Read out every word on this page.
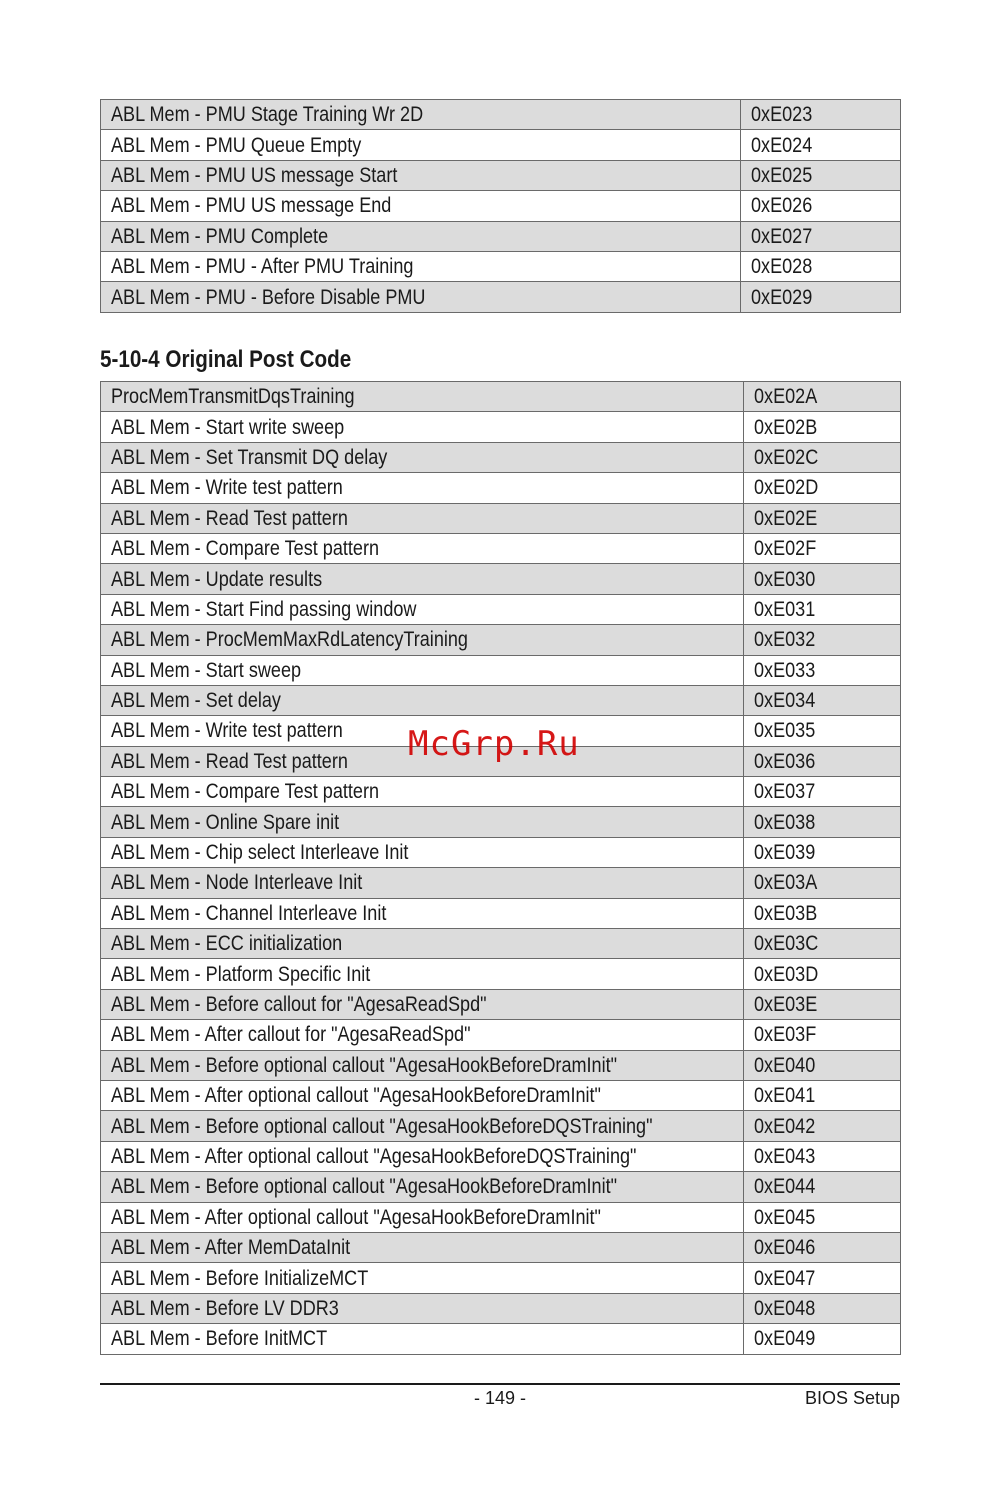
ABL Mem - PMU Stage Training Wr 2D	0xE023
ABL Mem - PMU Queue Empty	0xE024
ABL Mem - PMU US message Start	0xE025
ABL Mem - PMU US message End	0xE026
ABL Mem - PMU Complete	0xE027
ABL Mem - PMU - After PMU Training	0xE028
ABL Mem - PMU - Before Disable PMU	0xE029
5-10-4 Original Post Code
ProcMemTransmitDqsTraining	0xE02A
ABL Mem - Start write sweep	0xE02B
ABL Mem - Set Transmit DQ delay	0xE02C
ABL Mem - Write test pattern	0xE02D
ABL Mem - Read Test pattern	0xE02E
ABL Mem - Compare Test pattern	0xE02F
ABL Mem - Update results	0xE030
ABL Mem - Start Find passing window	0xE031
ABL Mem - ProcMemMaxRdLatencyTraining	0xE032
ABL Mem - Start sweep	0xE033
ABL Mem - Set delay	0xE034
ABL Mem - Write test pattern	0xE035
ABL Mem - Read Test pattern	0xE036
ABL Mem - Compare Test pattern	0xE037
ABL Mem - Online Spare init	0xE038
ABL Mem - Chip select Interleave Init	0xE039
ABL Mem - Node Interleave Init	0xE03A
ABL Mem - Channel Interleave Init	0xE03B
ABL Mem - ECC initialization	0xE03C
ABL Mem - Platform Specific Init	0xE03D
ABL Mem - Before callout for "AgesaReadSpd"	0xE03E
ABL Mem - After callout for "AgesaReadSpd"	0xE03F
ABL Mem - Before optional callout "AgesaHookBeforeDramInit"	0xE040
ABL Mem - After optional callout "AgesaHookBeforeDramInit"	0xE041
ABL Mem - Before optional callout "AgesaHookBeforeDQSTraining"	0xE042
ABL Mem - After optional callout "AgesaHookBeforeDQSTraining"	0xE043
ABL Mem - Before optional callout "AgesaHookBeforeDramInit"	0xE044
ABL Mem - After optional callout "AgesaHookBeforeDramInit"	0xE045
ABL Mem - After MemDataInit	0xE046
ABL Mem - Before InitializeMCT	0xE047
ABL Mem - Before LV DDR3	0xE048
ABL Mem - Before InitMCT	0xE049
McGrp.Ru
- 149 -	BIOS Setup
